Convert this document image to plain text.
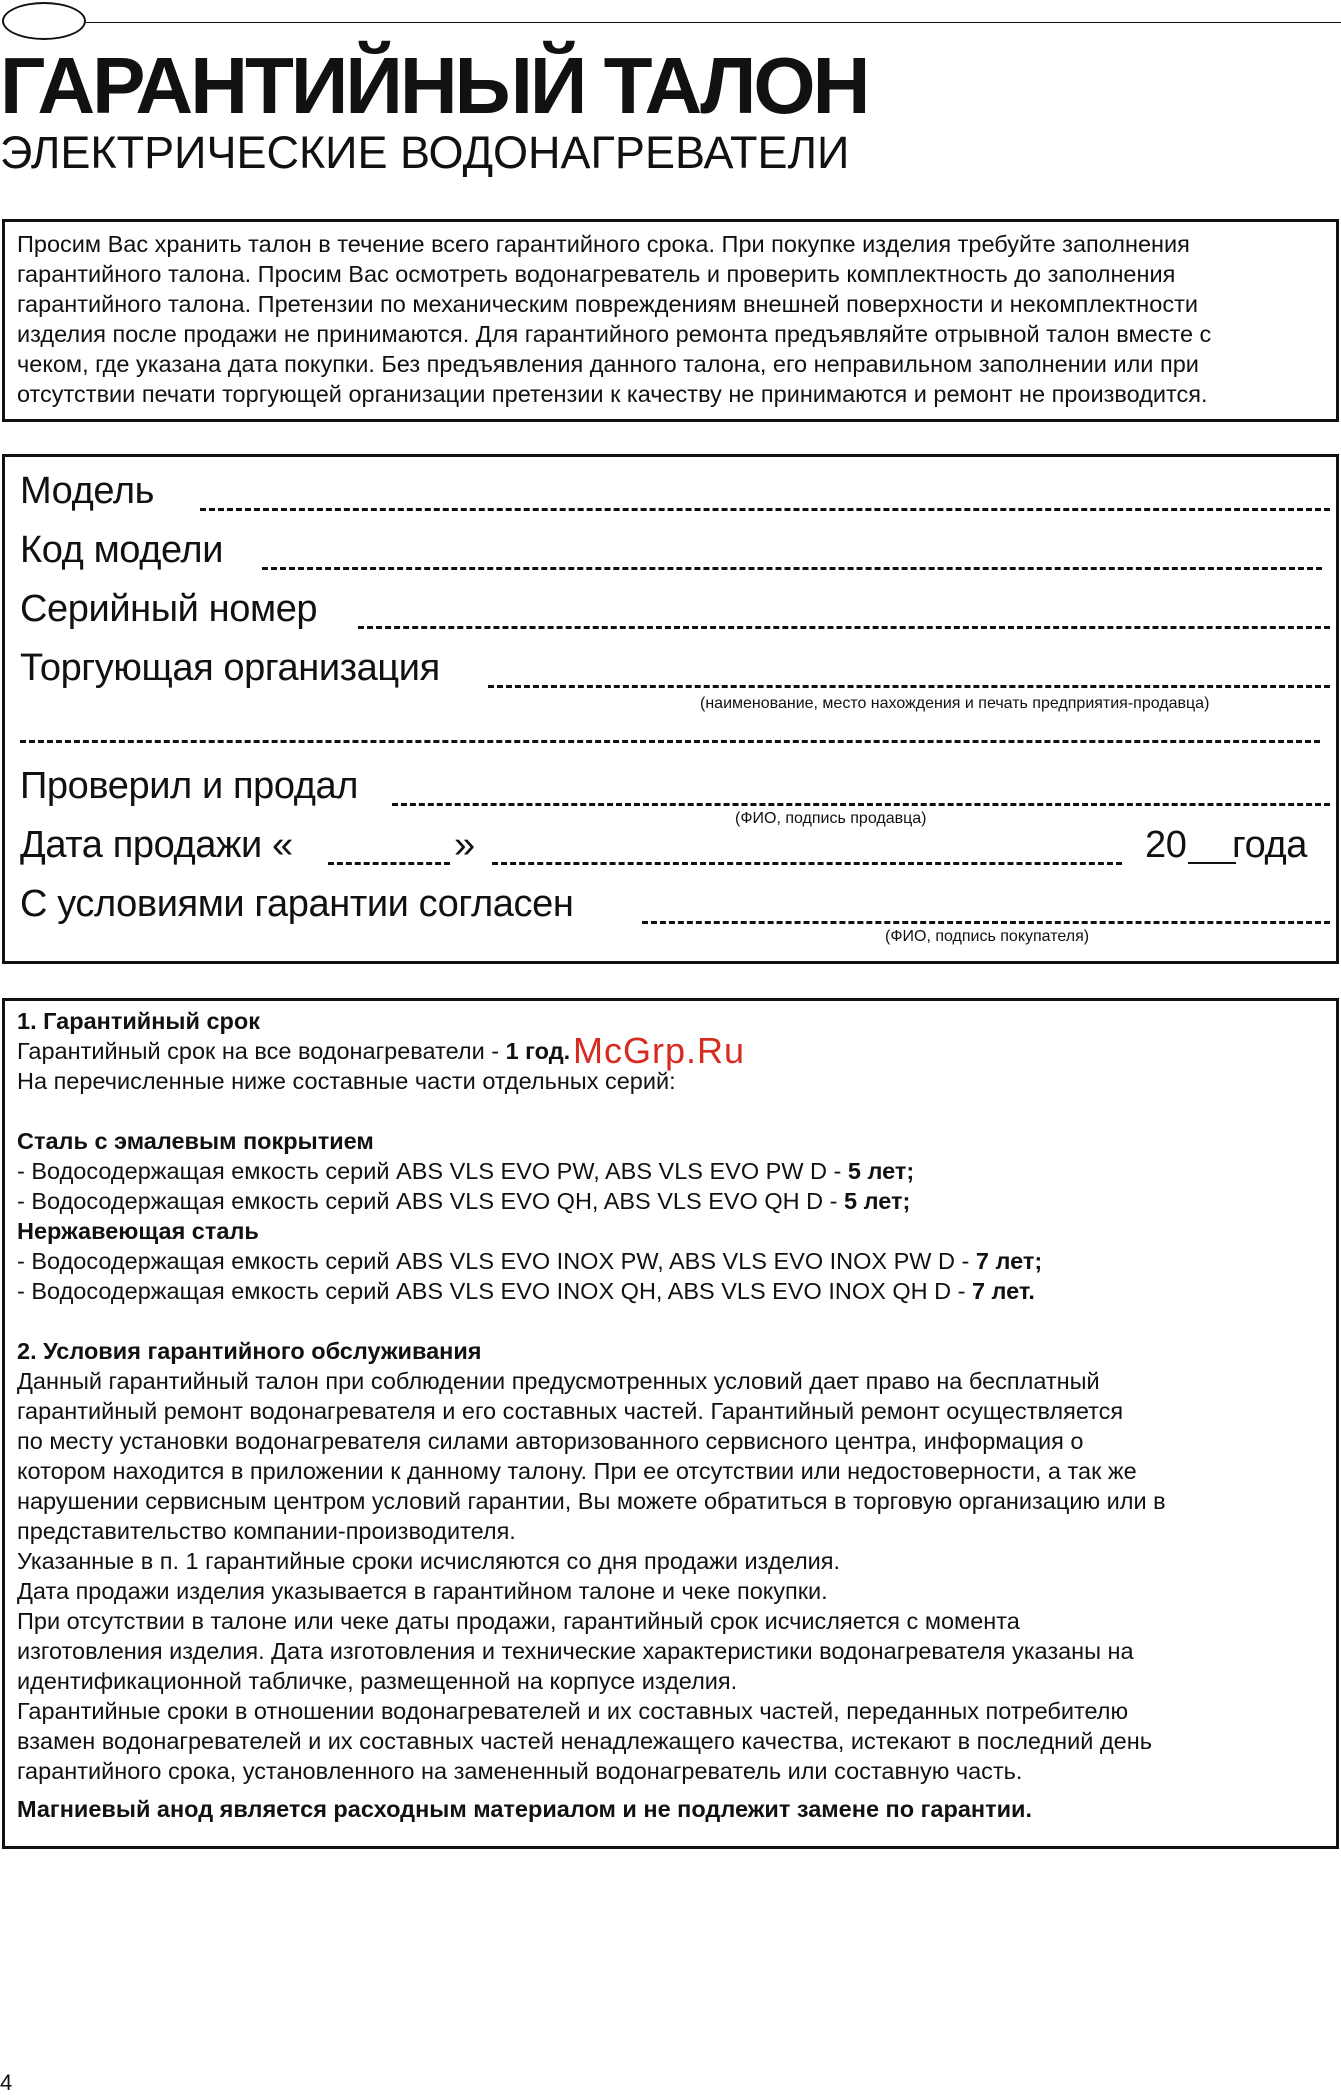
ГАРАНТИЙНЫЙ ТАЛОН
ЭЛЕКТРИЧЕСКИЕ ВОДОНАГРЕВАТЕЛИ
Просим Вас хранить талон в течение всего гарантийного срока. При покупке изделия требуйте заполнения
гарантийного талона. Просим Вас осмотреть водонагреватель и проверить комплектность до заполнения
гарантийного талона. Претензии по механическим повреждениям внешней поверхности и некомплектности
изделия после продажи не принимаются. Для гарантийного ремонта предъявляйте отрывной талон вместе с
чеком, где указана дата покупки. Без предъявления данного талона, его неправильном заполнении или при
отсутствии печати торгующей организации претензии к качеству не принимаются и ремонт не производится.
Модель
Код модели
Серийный номер
Торгующая организация
(наименование, место нахождения и печать предприятия-продавца)
Проверил и продал
(ФИО, подпись продавца)
Дата продажи «	»	20 года
С условиями гарантии согласен
(ФИО, подпись покупателя)
1. Гарантийный срок
Гарантийный срок на все водонагреватели - 1 год.
На перечисленные ниже составные части отдельных серий:
Сталь с эмалевым покрытием
- Водосодержащая емкость серий ABS VLS EVO PW, ABS VLS EVO PW D - 5 лет;
- Водосодержащая емкость серий ABS VLS EVO QH, ABS VLS EVO QH D - 5 лет;
Нержавеющая сталь
- Водосодержащая емкость серий ABS VLS EVO INOX PW, ABS VLS EVO INOX PW D - 7 лет;
- Водосодержащая емкость серий ABS VLS EVO INOX QH, ABS VLS EVO INOX QH D - 7 лет.
2. Условия гарантийного обслуживания
Данный гарантийный талон при соблюдении предусмотренных условий дает право на бесплатный
гарантийный ремонт водонагревателя и его составных частей. Гарантийный ремонт осуществляется
по месту установки водонагревателя силами авторизованного сервисного центра, информация о
котором находится в приложении к данному талону. При ее отсутствии или недостоверности, а так же
нарушении сервисным центром условий гарантии, Вы можете обратиться в торговую организацию или в
представительство компании-производителя.
Указанные в п. 1 гарантийные сроки исчисляются со дня продажи изделия.
Дата продажи изделия указывается в гарантийном талоне и чеке покупки.
При отсутствии в талоне или чеке даты продажи, гарантийный срок исчисляется с момента
изготовления изделия. Дата изготовления и технические характеристики водонагревателя указаны на
идентификационной табличке, размещенной на корпусе изделия.
Гарантийные сроки в отношении водонагревателей и их составных частей, переданных потребителю
взамен водонагревателей и их составных частей ненадлежащего качества, истекают в последний день
гарантийного срока, установленного на замененный водонагреватель или составную часть.
Магниевый анод является расходным материалом и не подлежит замене по гарантии.
McGrp.Ru
4
